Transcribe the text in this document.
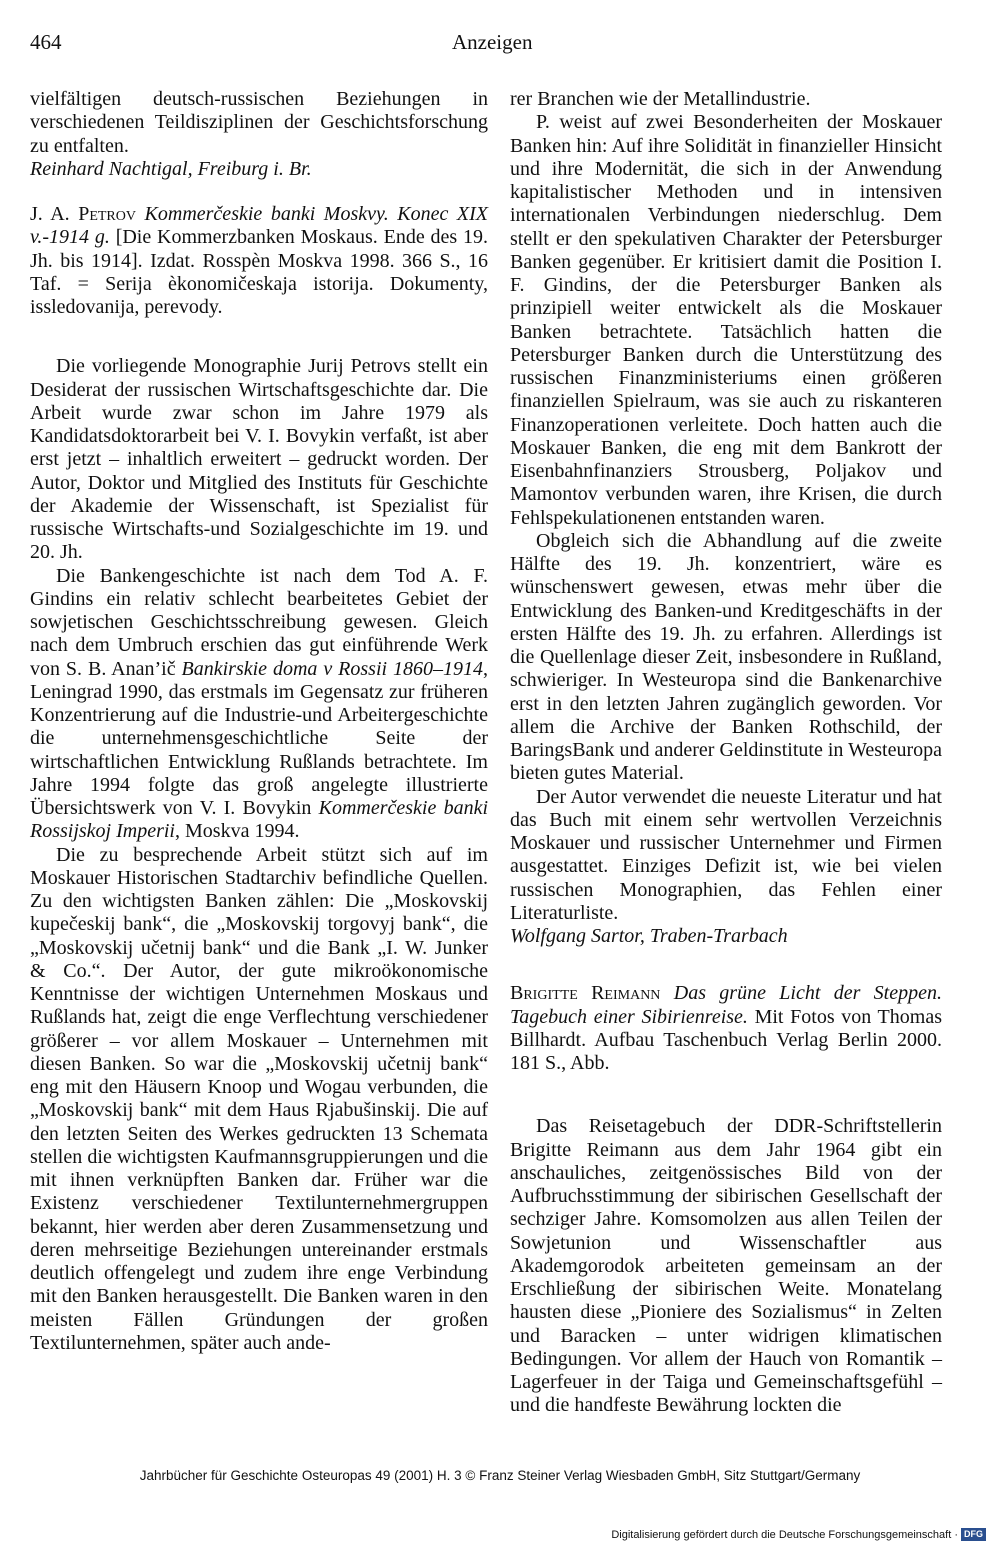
464	Anzeigen

vielfältigen deutsch-russischen Beziehungen in verschiedenen Teildisziplinen der Geschichtsforschung zu entfalten.

Reinhard Nachtigal, Freiburg i. Br.

J. A. Petrov Kommerčeskie banki Moskvy. Konec XIX v.-1914 g. [Die Kommerzbanken Moskaus. Ende des 19. Jh. bis 1914]. Izdat. Rosspèn Moskva 1998. 366 S., 16 Taf. = Serija èkonomičeskaja istorija. Dokumenty, issledovanija, perevody.

Die vorliegende Monographie Jurij Petrovs stellt ein Desiderat der russischen Wirtschaftsgeschichte dar. Die Arbeit wurde zwar schon im Jahre 1979 als Kandidatsdoktorarbeit bei V. I. Bovykin verfaßt, ist aber erst jetzt – inhaltlich erweitert – gedruckt worden. Der Autor, Doktor und Mitglied des Instituts für Geschichte der Akademie der Wissenschaft, ist Spezialist für russische Wirtschafts-und Sozialgeschichte im 19. und 20. Jh.

Die Bankengeschichte ist nach dem Tod A. F. Gindins ein relativ schlecht bearbeitetes Gebiet der sowjetischen Geschichtsschreibung gewesen. Gleich nach dem Umbruch erschien das gut einführende Werk von S. B. Anan’ič Bankirskie doma v Rossii 1860–1914, Leningrad 1990, das erstmals im Gegensatz zur früheren Konzentrierung auf die Industrie-und Arbeitergeschichte die unternehmensgeschichtliche Seite der wirtschaftlichen Entwicklung Rußlands betrachtete. Im Jahre 1994 folgte das groß angelegte illustrierte Übersichtswerk von V. I. Bovykin Kommerčeskie banki Rossijskoj Imperii, Moskva 1994.

Die zu besprechende Arbeit stützt sich auf im Moskauer Historischen Stadtarchiv befindliche Quellen. Zu den wichtigsten Banken zählen: Die „Moskovskij kupečeskij bank“, die „Moskovskij torgovyj bank“, die „Moskovskij učetnij bank“ und die Bank „I. W. Junker & Co.“. Der Autor, der gute mikroökonomische Kenntnisse der wichtigen Unternehmen Moskaus und Rußlands hat, zeigt die enge Verflechtung verschiedener größerer – vor allem Moskauer – Unternehmen mit diesen Banken. So war die „Moskovskij učetnij bank“ eng mit den Häusern Knoop und Wogau verbunden, die „Moskovskij bank“ mit dem Haus Rjabušinskij. Die auf den letzten Seiten des Werkes gedruckten 13 Schemata stellen die wichtigsten Kaufmannsgruppierungen und die mit ihnen verknüpften Banken dar. Früher war die Existenz verschiedener Textilunternehmergruppen bekannt, hier werden aber deren Zusammensetzung und deren mehrseitige Beziehungen untereinander erstmals deutlich offengelegt und zudem ihre enge Verbindung mit den Banken herausgestellt. Die Banken waren in den meisten Fällen Gründungen der großen Textilunternehmen, später auch ande-

rer Branchen wie der Metallindustrie.

P. weist auf zwei Besonderheiten der Moskauer Banken hin: Auf ihre Solidität in finanzieller Hinsicht und ihre Modernität, die sich in der Anwendung kapitalistischer Methoden und in intensiven internationalen Verbindungen niederschlug. Dem stellt er den spekulativen Charakter der Petersburger Banken gegenüber. Er kritisiert damit die Position I. F. Gindins, der die Petersburger Banken als prinzipiell weiter entwickelt als die Moskauer Banken betrachtete. Tatsächlich hatten die Petersburger Banken durch die Unterstützung des russischen Finanzministeriums einen größeren finanziellen Spielraum, was sie auch zu riskanteren Finanzoperationen verleitete. Doch hatten auch die Moskauer Banken, die eng mit dem Bankrott der Eisenbahnfinanziers Strousberg, Poljakov und Mamontov verbunden waren, ihre Krisen, die durch Fehlspekulationenen entstanden waren.

Obgleich sich die Abhandlung auf die zweite Hälfte des 19. Jh. konzentriert, wäre es wünschenswert gewesen, etwas mehr über die Entwicklung des Banken-und Kreditgeschäfts in der ersten Hälfte des 19. Jh. zu erfahren. Allerdings ist die Quellenlage dieser Zeit, insbesondere in Rußland, schwieriger. In Westeuropa sind die Bankenarchive erst in den letzten Jahren zugänglich geworden. Vor allem die Archive der Banken Rothschild, der BaringsBank und anderer Geldinstitute in Westeuropa bieten gutes Material.

Der Autor verwendet die neueste Literatur und hat das Buch mit einem sehr wertvollen Verzeichnis Moskauer und russischer Unternehmer und Firmen ausgestattet. Einziges Defizit ist, wie bei vielen russischen Monographien, das Fehlen einer Literaturliste.

Wolfgang Sartor, Traben-Trarbach

Brigitte Reimann Das grüne Licht der Steppen. Tagebuch einer Sibirienreise. Mit Fotos von Thomas Billhardt. Aufbau Taschenbuch Verlag Berlin 2000. 181 S., Abb.

Das Reisetagebuch der DDR-Schriftstellerin Brigitte Reimann aus dem Jahr 1964 gibt ein anschauliches, zeitgenössisches Bild von der Aufbruchsstimmung der sibirischen Gesellschaft der sechziger Jahre. Komsomolzen aus allen Teilen der Sowjetunion und Wissenschaftler aus Akademgorodok arbeiteten gemeinsam an der Erschließung der sibirischen Weite. Monatelang hausten diese „Pioniere des Sozialismus“ in Zelten und Baracken – unter widrigen klimatischen Bedingungen. Vor allem der Hauch von Romantik – Lagerfeuer in der Taiga und Gemeinschaftsgefühl – und die handfeste Bewährung lockten die

Jahrbücher für Geschichte Osteuropas 49 (2001) H. 3 © Franz Steiner Verlag Wiesbaden GmbH, Sitz Stuttgart/Germany
Digitalisierung gefördert durch die Deutsche Forschungsgemeinschaft · DFG
